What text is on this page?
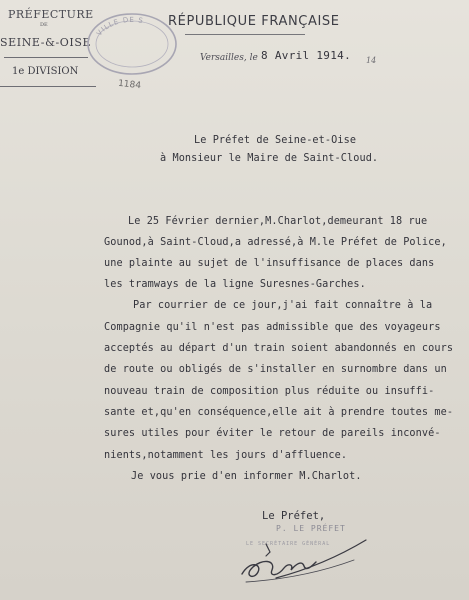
PRÉFECTURE
DE
SEINE-&-OISE
1e DIVISION
1184
VILLE DE S RÉPUBLIQUE FRANÇAISE
Versailles, le 8 Avril 1914. 14
Le Préfet de Seine-et-Oise
à Monsieur le Maire de Saint-Cloud.
Le 25 Février dernier,M.Charlot,demeurant 18 rue
Gounod,à Saint-Cloud,a adressé,à M.le Préfet de Police,
une plainte au sujet de l'insuffisance de places dans
les tramways de la ligne Suresnes-Garches.
Par courrier de ce jour,j'ai fait connaître à la
Compagnie qu'il n'est pas admissible que des voyageurs
acceptés au départ d'un train soient abandonnés en cours
de route ou obligés de s'installer en surnombre dans un
nouveau train de composition plus réduite ou insuffi-
sante et,qu'en conséquence,elle ait à prendre toutes me-
sures utiles pour éviter le retour de pareils inconvé-
nients,notamment les jours d'affluence.
Je vous prie d'en informer M.Charlot.
Le Préfet,
P. LE PRÉFET
LE SECRÉTAIRE GÉNÉRAL
